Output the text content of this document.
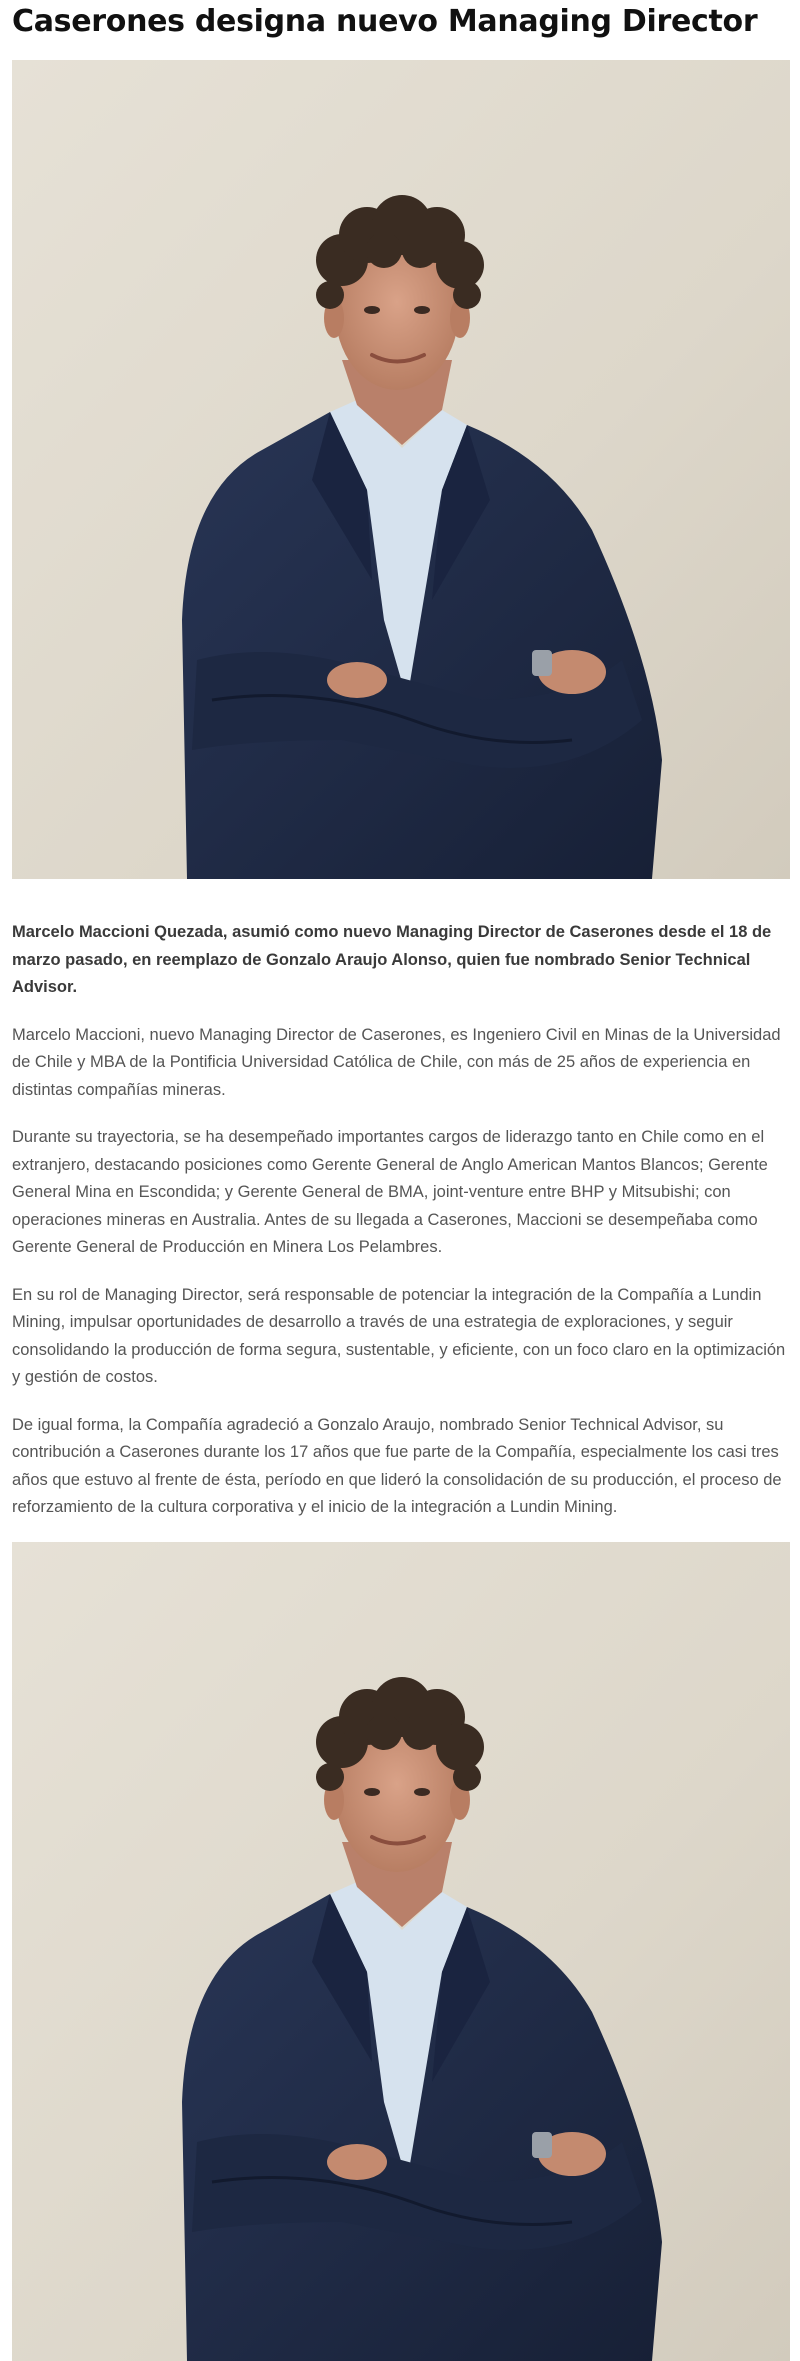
Caserones designa nuevo Managing Director

Marcelo Maccioni Quezada, asumió como nuevo Managing Director de Caserones desde el 18 de marzo pasado, en reemplazo de Gonzalo Araujo Alonso, quien fue nombrado Senior Technical Advisor.

Marcelo Maccioni, nuevo Managing Director de Caserones, es Ingeniero Civil en Minas de la Universidad de Chile y MBA de la Pontificia Universidad Católica de Chile, con más de 25 años de experiencia en distintas compañías mineras.

Durante su trayectoria, se ha desempeñado importantes cargos de liderazgo tanto en Chile como en el extranjero, destacando posiciones como Gerente General de Anglo American Mantos Blancos; Gerente General Mina en Escondida; y Gerente General de BMA, joint-venture entre BHP y Mitsubishi; con operaciones mineras en Australia. Antes de su llegada a Caserones, Maccioni se desempeñaba como Gerente General de Producción en Minera Los Pelambres.

En su rol de Managing Director, será responsable de potenciar la integración de la Compañía a Lundin Mining, impulsar oportunidades de desarrollo a través de una estrategia de exploraciones, y seguir consolidando la producción de forma segura, sustentable, y eficiente, con un foco claro en la optimización y gestión de costos.

De igual forma, la Compañía agradeció a Gonzalo Araujo, nombrado Senior Technical Advisor, su contribución a Caserones durante los 17 años que fue parte de la Compañía, especialmente los casi tres años que estuvo al frente de ésta, período en que lideró la consolidación de su producción, el proceso de reforzamiento de la cultura corporativa y el inicio de la integración a Lundin Mining.
